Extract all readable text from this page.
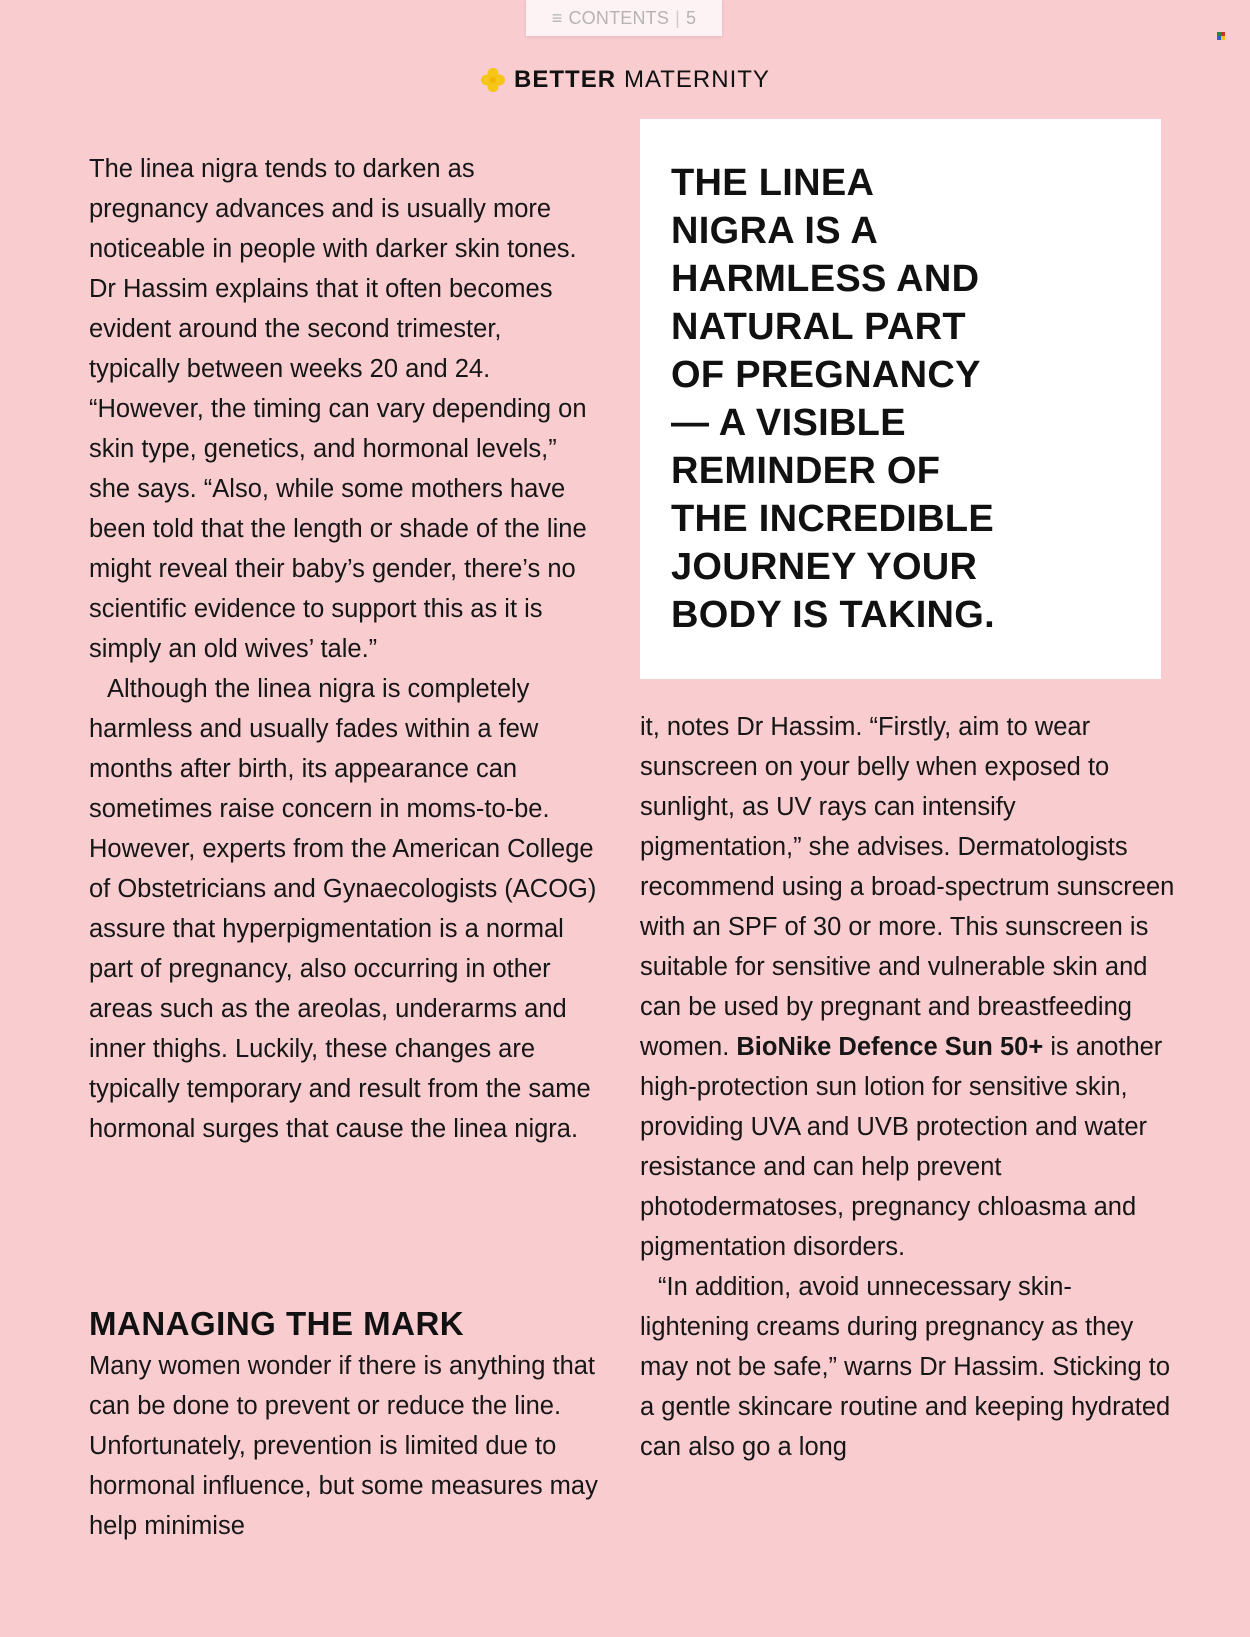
≡ CONTENTS | 5
BETTER MATERNITY

The linea nigra tends to darken as pregnancy advances and is usually more noticeable in people with darker skin tones. Dr Hassim explains that it often becomes evident around the second trimester, typically between weeks 20 and 24. “However, the timing can vary depending on skin type, genetics, and hormonal levels,” she says. “Also, while some mothers have been told that the length or shade of the line might reveal their baby’s gender, there’s no scientific evidence to support this as it is simply an old wives’ tale.”

Although the linea nigra is completely harmless and usually fades within a few months after birth, its appearance can sometimes raise concern in moms-to-be. However, experts from the American College of Obstetricians and Gynaecologists (ACOG) assure that hyperpigmentation is a normal part of pregnancy, also occurring in other areas such as the areolas, underarms and inner thighs. Luckily, these changes are typically temporary and result from the same hormonal surges that cause the linea nigra.

MANAGING THE MARK

Many women wonder if there is anything that can be done to prevent or reduce the line. Unfortunately, prevention is limited due to hormonal influence, but some measures may help minimise

THE LINEA
NIGRA IS A
HARMLESS AND
NATURAL PART
OF PREGNANCY
— A VISIBLE
REMINDER OF
THE INCREDIBLE
JOURNEY YOUR
BODY IS TAKING.

it, notes Dr Hassim. “Firstly, aim to wear sunscreen on your belly when exposed to sunlight, as UV rays can intensify pigmentation,” she advises. Dermatologists recommend using a broad-spectrum sunscreen with an SPF of 30 or more. This sunscreen is suitable for sensitive and vulnerable skin and can be used by pregnant and breastfeeding women. BioNike Defence Sun 50+ is another high-protection sun lotion for sensitive skin, providing UVA and UVB protection and water resistance and can help prevent photodermatoses, pregnancy chloasma and pigmentation disorders.

“In addition, avoid unnecessary skin-lightening creams during pregnancy as they may not be safe,” warns Dr Hassim. Sticking to a gentle skincare routine and keeping hydrated can also go a long
